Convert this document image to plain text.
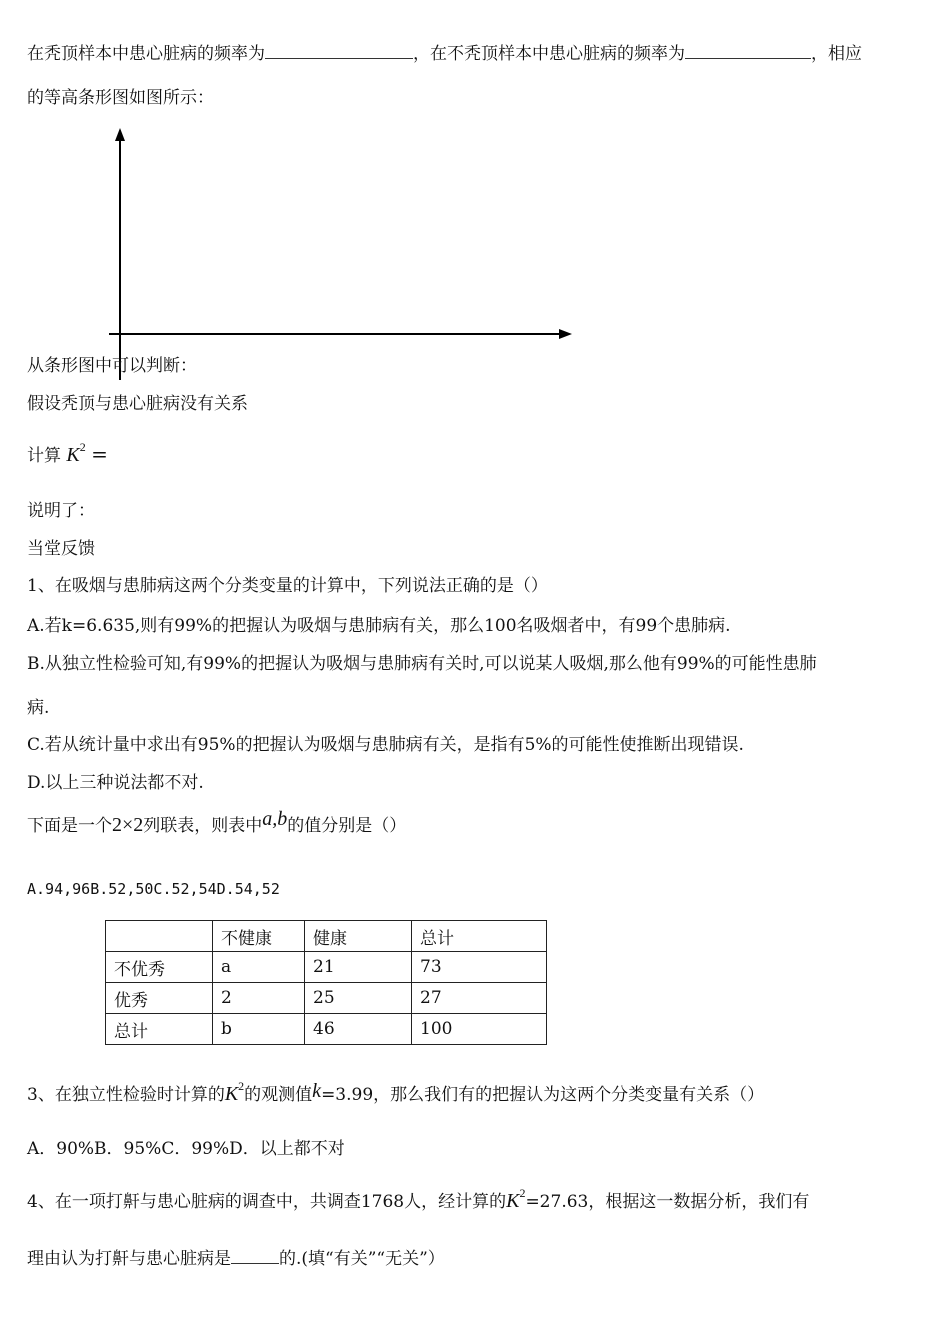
在秃顶样本中患心脏病的频率为	，在不秃顶样本中患心脏病的频率为	，相应
的等高条形图如图所示：
从条形图中可以判断：
假设秃顶与患心脏病没有关系
计算 $K^2$ =
说明了：
当堂反馈
1、在吸烟与患肺病这两个分类变量的计算中，下列说法正确的是（）
A.若k=6.635,则有99%的把握认为吸烟与患肺病有关，那么100名吸烟者中，有99个患肺病.
B.从独立性检验可知,有99%的把握认为吸烟与患肺病有关时,可以说某人吸烟,那么他有99%的可能性患肺
病.
C.若从统计量中求出有95%的把握认为吸烟与患肺病有关，是指有5%的可能性使推断出现错误.
D.以上三种说法都不对.
下面是一个2×2列联表，则表中a,b的值分别是（）
A.94,96B.52,50C.52,54D.54,52
	不健康	健康	总计
不优秀	a	21	73
优秀	2	25	27
总计	b	46	100
3、在独立性检验时计算的$K^2$的观测值k=3.99，那么我们有的把握认为这两个分类变量有关系（）
A．90%B．95%C．99%D．以上都不对
4、在一项打鼾与患心脏病的调查中，共调查1768人，经计算的$K^2=27.63$，根据这一数据分析，我们有
理由认为打鼾与患心脏病是	的.(填“有关”“无关”）
